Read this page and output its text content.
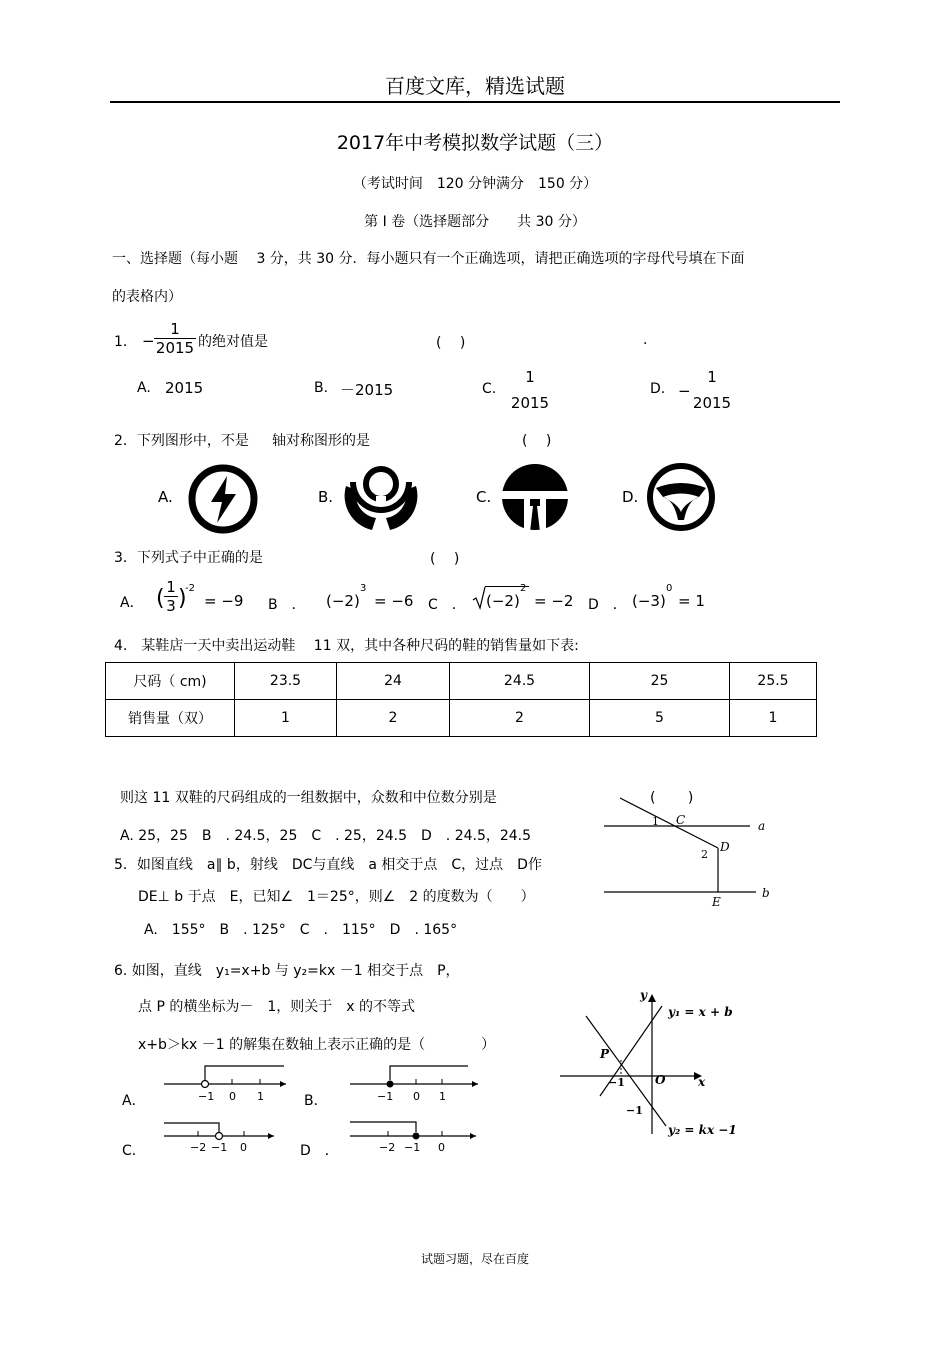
百度文库，精选试题
2017年中考模拟数学试题（三）
（考试时间　120 分钟满分　150 分）
第 Ⅰ 卷（选择题部分　　共 30 分）
一、选择题（每小题　 3 分，共 30 分．每小题只有一个正确选项，请把正确选项的字母代号填在下面
的表格内）
1． − $\frac{1}{2015}$ 的绝对值是	(　 )	.
A. 2015	B. －2015	C.
1
2015
D. −
1
2015
2．下列图形中，不是 轴对称图形的是	(　 )
A.	B.	C.	D.
3．下列式子中正确的是	(　 )
A． ( $\frac{1}{3}$ )
-2
= −9 B　． (−2)
3
= −6 C　． (−2)
2
= −2 D　． (−3)
0
= 1
4.　某鞋店一天中卖出运动鞋　 11 双，其中各种尺码的鞋的销售量如下表:
尺码（ cm)	23.5	24	24.5	25	25.5
销售量（双）	1	2	2	5	1
则这 11 双鞋的尺码组成的一组数据中，众数和中位数分别是	(　　 )
A. 25，25　B　. 24.5，25　C　. 25，24.5　D　. 24.5，24.5
5．如图直线　a∥ b，射线　DC与直线　a 相交于点　C，过点　D作
DE⊥ b 于点　E，已知∠　1＝25°，则∠　2 的度数为（　　）
A.　155°　B　. 125°　C　.　115°　D　. 165°
a
b
C
D
E
1
2
6. 如图，直线　y₁=x+b 与 y₂=kx －1 相交于点　P，
点 P 的横坐标为－　1，则关于　x 的不等式
x+b＞kx －1 的解集在数轴上表示正确的是（　　　　）
A．	−1 0 1	B．	−1 0 1
C．	−2 −1 0	D　．	−2 −1 0
y
x
O
P
−1
−1
y₁ = x + b
y₂ = kx −1
试题习题，尽在百度
